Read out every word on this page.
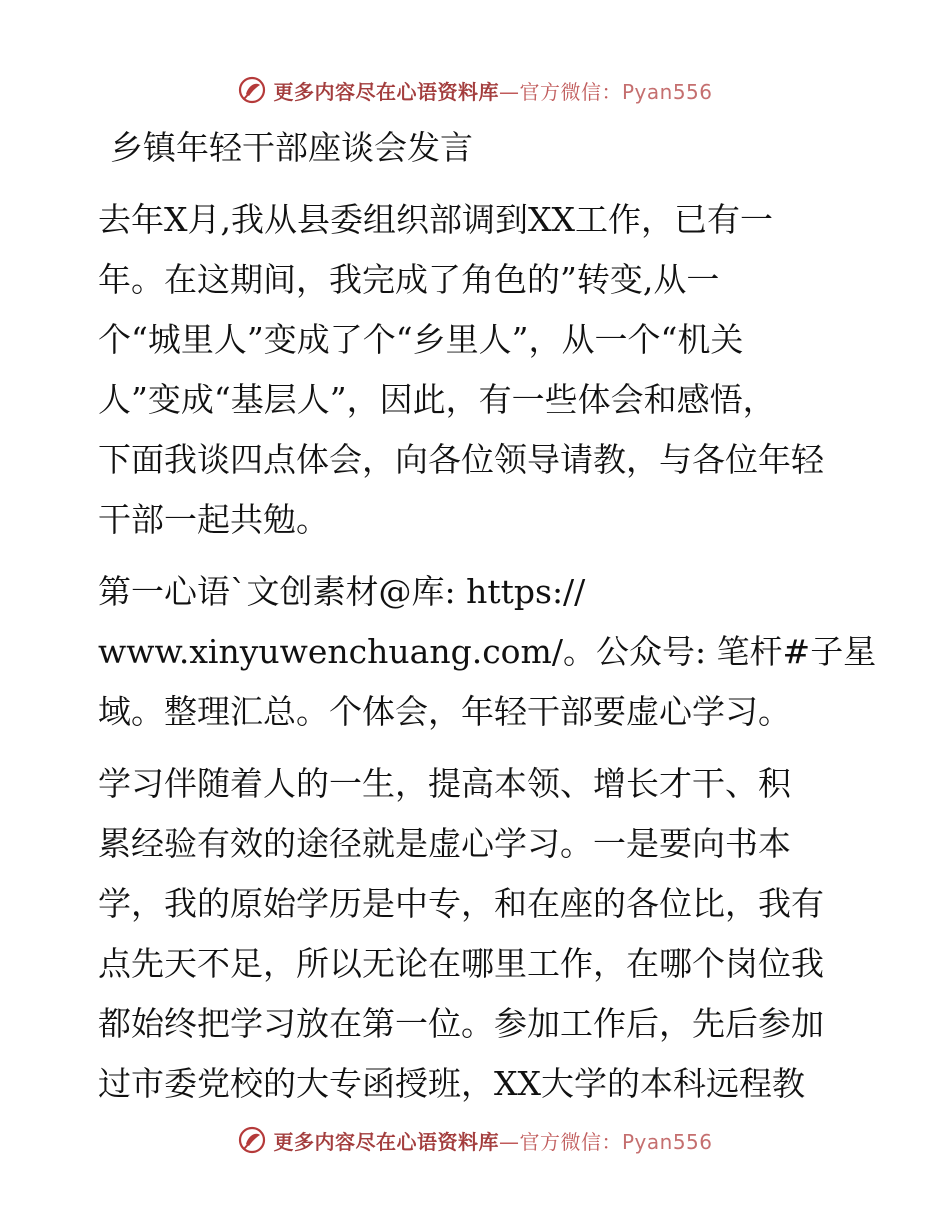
更多内容尽在心语资料库—官方微信：Pyan556
乡镇年轻干部座谈会发言

去年X月,我从县委组织部调到XX工作，已有一
年。在这期间，我完成了角色的”转变,从一
个“城里人”变成了个“乡里人”，从一个“机关
人”变成“基层人”，因此，有一些体会和感悟，
下面我谈四点体会，向各位领导请教，与各位年轻
干部一起共勉。

第一心语`文创素材@库: https://
www.xinyuwenchuang.com/。公众号: 笔杆#子星
域。整理汇总。个体会，年轻干部要虚心学习。

学习伴随着人的一生，提高本领、增长才干、积
累经验有效的途径就是虚心学习。一是要向书本
学，我的原始学历是中专，和在座的各位比，我有
点先天不足，所以无论在哪里工作，在哪个岗位我
都始终把学习放在第一位。参加工作后，先后参加
过市委党校的大专函授班，XX大学的本科远程教

更多内容尽在心语资料库—官方微信：Pyan556
